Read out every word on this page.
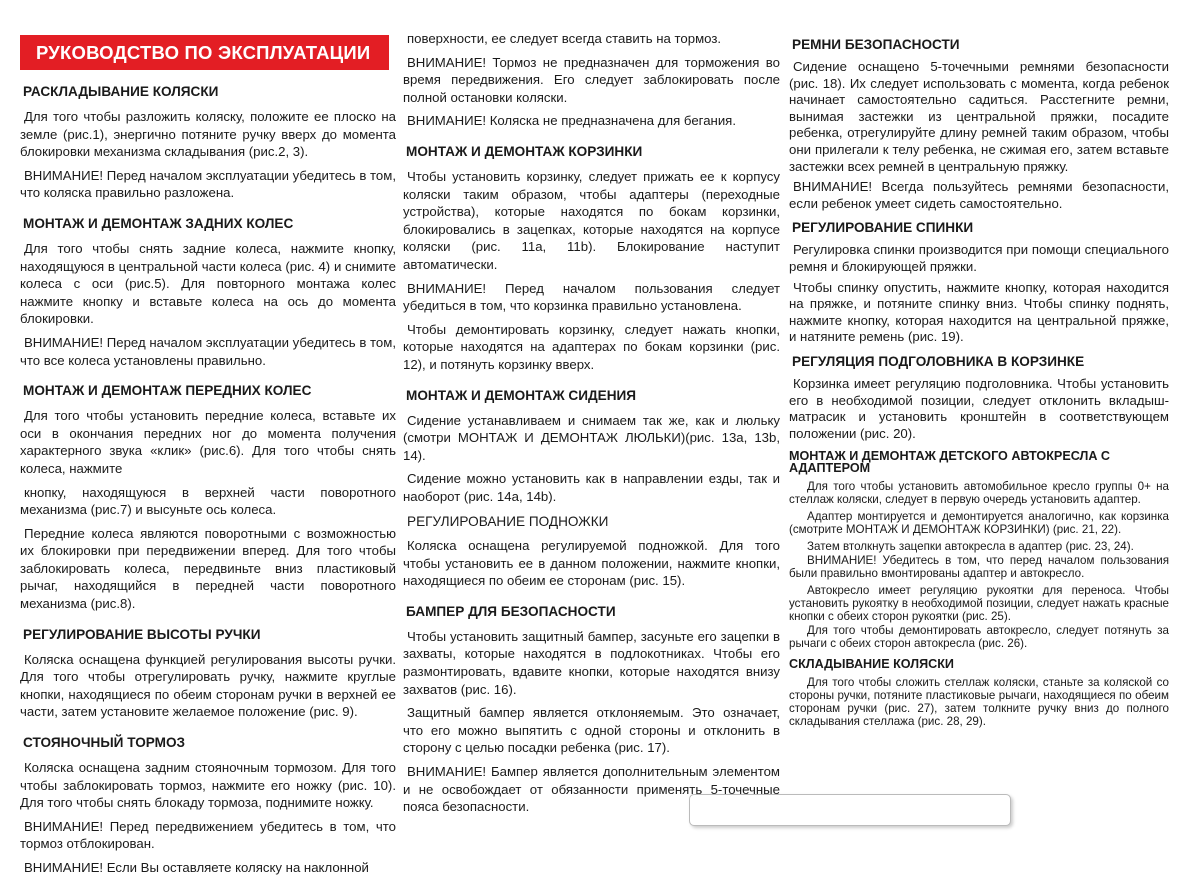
РУКОВОДСТВО ПО ЭКСПЛУАТАЦИИ
РАСКЛАДЫВАНИЕ КОЛЯСКИ

Для того чтобы разложить коляску, положите ее плоско на земле (рис.1), энергично потяните ручку вверх до момента блокировки механизма складывания (рис.2, 3).

ВНИМАНИЕ! Перед началом эксплуатации убедитесь в том, что коляска правильно разложена.

МОНТАЖ И ДЕМОНТАЖ ЗАДНИХ КОЛЕС

Для того чтобы снять задние колеса, нажмите кнопку, находящуюся в центральной части колеса (рис. 4) и снимите колеса с оси (рис.5). Для повторного монтажа колес нажмите кнопку и вставьте колеса на ось до момента блокировки.

ВНИМАНИЕ! Перед началом эксплуатации убедитесь в том, что все колеса установлены правильно.

МОНТАЖ И ДЕМОНТАЖ ПЕРЕДНИХ КОЛЕС

Для того чтобы установить передние колеса, вставьте их оси в окончания передних ног до момента получения характерного звука «клик» (рис.6). Для того чтобы снять колеса, нажмите

кнопку, находящуюся в верхней части поворотного механизма (рис.7) и высуньте ось колеса.

Передние колеса являются поворотными с возможностью их блокировки при передвижении вперед. Для того чтобы заблокировать колеса, передвиньте вниз пластиковый рычаг, находящийся в передней части поворотного механизма (рис.8).

РЕГУЛИРОВАНИЕ ВЫСОТЫ РУЧКИ

Коляска оснащена функцией регулирования высоты ручки. Для того чтобы отрегулировать ручку, нажмите круглые кнопки, находящиеся по обеим сторонам ручки в верхней ее части, затем установите желаемое положение (рис. 9).

СТОЯНОЧНЫЙ ТОРМОЗ

Коляска оснащена задним стояночным тормозом. Для того чтобы заблокировать тормоз, нажмите его ножку (рис. 10). Для того чтобы снять блокаду тормоза, поднимите ножку.

ВНИМАНИЕ! Перед передвижением убедитесь в том, что тормоз отблокирован.

ВНИМАНИЕ! Если Вы оставляете коляску на наклонной

поверхности, ее следует всегда ставить на тормоз.

ВНИМАНИЕ! Тормоз не предназначен для торможения во время передвижения. Его следует заблокировать после полной остановки коляски.

ВНИМАНИЕ! Коляска не предназначена для бегания.

МОНТАЖ И ДЕМОНТАЖ КОРЗИНКИ

Чтобы установить корзинку, следует прижать ее к корпусу коляски таким образом, чтобы адаптеры (переходные устройства), которые находятся по бокам корзинки, блокировались в зацепках, которые находятся на корпусе коляски (рис. 11a, 11b). Блокирование наступит автоматически.

ВНИМАНИЕ! Перед началом пользования следует убедиться в том, что корзинка правильно установлена.

Чтобы демонтировать корзинку, следует нажать кнопки, которые находятся на адаптерах по бокам корзинки (рис. 12), и потянуть корзинку вверх.

МОНТАЖ И ДЕМОНТАЖ СИДЕНИЯ

Сидение устанавливаем и снимаем так же, как и люльку (смотри МОНТАЖ И ДЕМОНТАЖ ЛЮЛЬКИ)(рис. 13a, 13b, 14).

Сидение можно установить как в направлении езды, так и наоборот (рис. 14a, 14b).

РЕГУЛИРОВАНИЕ ПОДНОЖКИ

Коляска оснащена регулируемой подножкой. Для того чтобы установить ее в данном положении, нажмите кнопки, находящиеся по обеим ее сторонам (рис. 15).

БАМПЕР ДЛЯ БЕЗОПАСНОСТИ

Чтобы установить защитный бампер, засуньте его зацепки в захваты, которые находятся в подлокотниках. Чтобы его размонтировать, вдавите кнопки, которые находятся внизу захватов (рис. 16).

Защитный бампер является отклоняемым. Это означает, что его можно выпятить с одной стороны и отклонить в сторону с целью посадки ребенка (рис. 17).

ВНИМАНИЕ! Бампер является дополнительным элементом и не освобождает от обязанности применять 5-точечные пояса безопасности.

РЕМНИ БЕЗОПАСНОСТИ

Сидение оснащено 5-точечными ремнями безопасности (рис. 18). Их следует использовать с момента, когда ребенок начинает самостоятельно садиться. Расстегните ремни, вынимая застежки из центральной пряжки, посадите ребенка, отрегулируйте длину ремней таким образом, чтобы они прилегали к телу ребенка, не сжимая его, затем вставьте застежки всех ремней в центральную пряжку.

ВНИМАНИЕ! Всегда пользуйтесь ремнями безопасности, если ребенок умеет сидеть самостоятельно.

РЕГУЛИРОВАНИЕ СПИНКИ

Регулировка спинки производится при помощи специального ремня и блокирующей пряжки.

Чтобы спинку опустить, нажмите кнопку, которая находится на пряжке, и потяните спинку вниз. Чтобы спинку поднять, нажмите кнопку, которая находится на центральной пряжке, и натяните ремень (рис. 19).

РЕГУЛЯЦИЯ ПОДГОЛОВНИКА В КОРЗИНКЕ

Корзинка имеет регуляцию подголовника. Чтобы установить его в необходимой позиции, следует отклонить вкладыш-матрасик и установить кронштейн в соответствующем положении (рис. 20).

МОНТАЖ И ДЕМОНТАЖ ДЕТСКОГО АВТОКРЕСЛА С АДАПТЕРОМ

Для того чтобы установить автомобильное кресло группы 0+ на стеллаж коляски, следует в первую очередь установить адаптер.

Адаптер монтируется и демонтируется аналогично, как корзинка (смотрите МОНТАЖ И ДЕМОНТАЖ КОРЗИНКИ) (рис. 21, 22).

Затем втолкнуть зацепки автокресла в адаптер (рис. 23, 24).

ВНИМАНИЕ! Убедитесь в том, что перед началом пользования были правильно вмонтированы адаптер и автокресло.

Автокресло имеет регуляцию рукоятки для переноса. Чтобы установить рукоятку в необходимой позиции, следует нажать красные кнопки с обеих сторон рукоятки (рис. 25).

Для того чтобы демонтировать автокресло, следует потянуть за рычаги с обеих сторон автокресла (рис. 26).

СКЛАДЫВАНИЕ КОЛЯСКИ

Для того чтобы сложить стеллаж коляски, станьте за коляской со стороны ручки, потяните пластиковые рычаги, находящиеся по обеим сторонам ручки (рис. 27), затем толкните ручку вниз до полного складывания стеллажа (рис. 28, 29).
